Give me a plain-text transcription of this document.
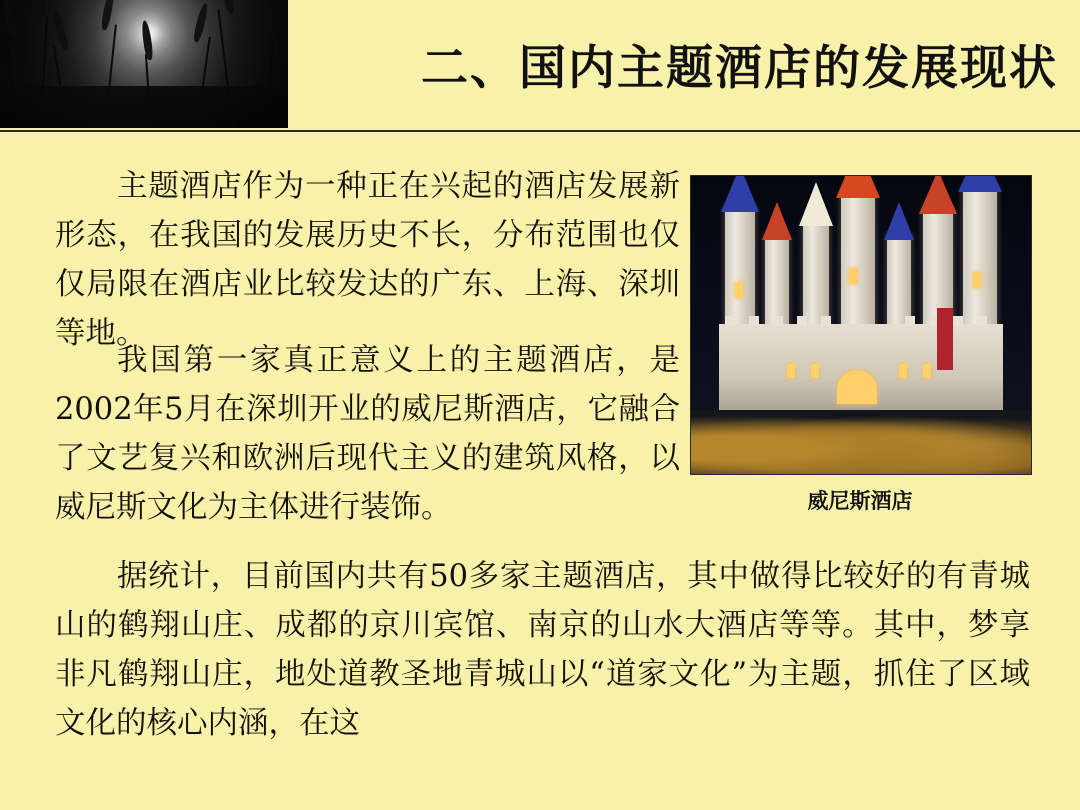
二、国内主题酒店的发展现状
主题酒店作为一种正在兴起的酒店发展新形态，在我国的发展历史不长，分布范围也仅仅局限在酒店业比较发达的广东、上海、深圳等地。
我国第一家真正意义上的主题酒店，是2002年5月在深圳开业的威尼斯酒店，它融合了文艺复兴和欧洲后现代主义的建筑风格，以威尼斯文化为主体进行装饰。
据统计，目前国内共有50多家主题酒店，其中做得比较好的有青城山的鹤翔山庄、成都的京川宾馆、南京的山水大酒店等等。其中，梦享非凡鹤翔山庄，地处道教圣地青城山以“道家文化”为主题，抓住了区域文化的核心内涵，在这
威尼斯酒店
